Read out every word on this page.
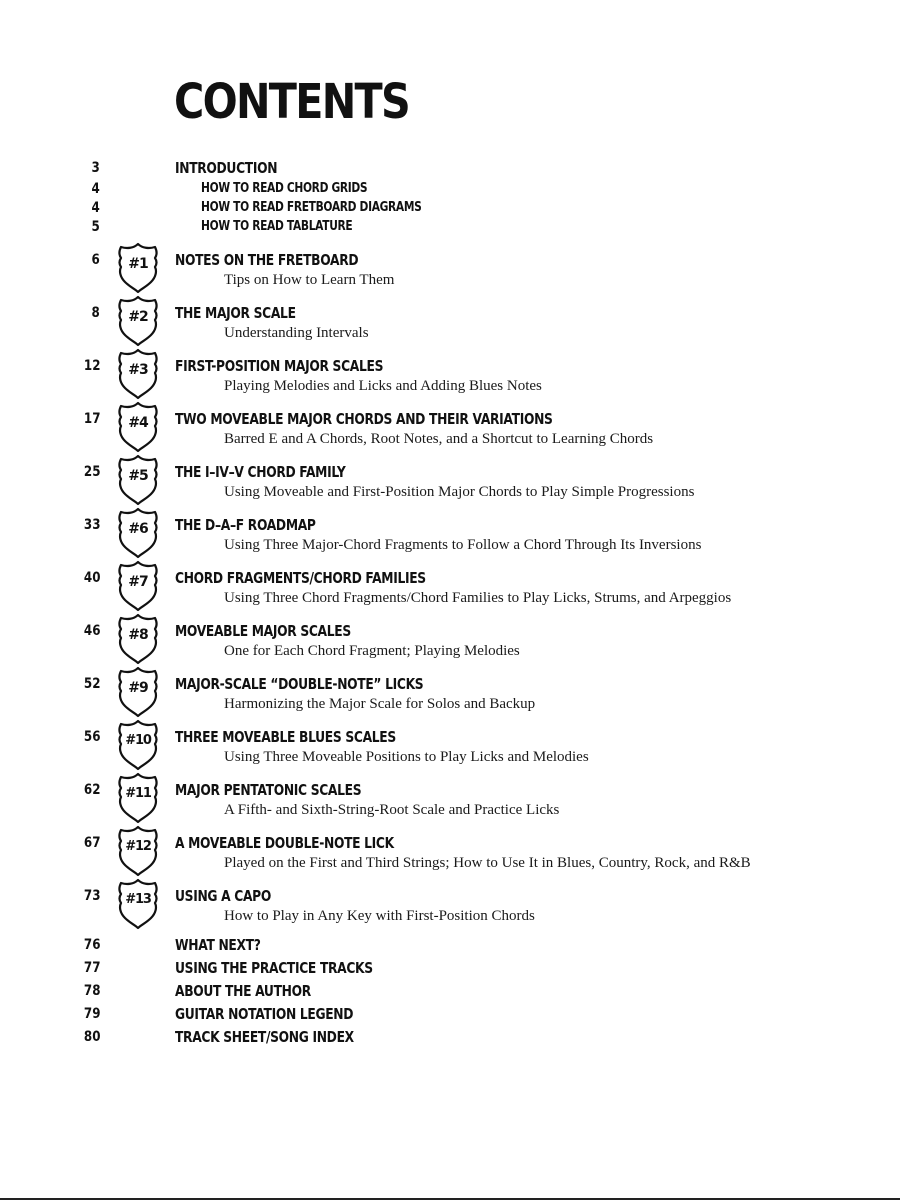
CONTENTS
3	INTRODUCTION
4	HOW TO READ CHORD GRIDS
4	HOW TO READ FRETBOARD DIAGRAMS
5	HOW TO READ TABLATURE
6	#1	NOTES ON THE FRETBOARD
Tips on How to Learn Them
8	#2	THE MAJOR SCALE
Understanding Intervals
12	#3	FIRST-POSITION MAJOR SCALES
Playing Melodies and Licks and Adding Blues Notes
17	#4	TWO MOVEABLE MAJOR CHORDS AND THEIR VARIATIONS
Barred E and A Chords, Root Notes, and a Shortcut to Learning Chords
25	#5	THE I–IV–V CHORD FAMILY
Using Moveable and First-Position Major Chords to Play Simple Progressions
33	#6	THE D–A–F ROADMAP
Using Three Major-Chord Fragments to Follow a Chord Through Its Inversions
40	#7	CHORD FRAGMENTS/CHORD FAMILIES
Using Three Chord Fragments/Chord Families to Play Licks, Strums, and Arpeggios
46	#8	MOVEABLE MAJOR SCALES
One for Each Chord Fragment; Playing Melodies
52	#9	MAJOR-SCALE “DOUBLE-NOTE” LICKS
Harmonizing the Major Scale for Solos and Backup
56	#10	THREE MOVEABLE BLUES SCALES
Using Three Moveable Positions to Play Licks and Melodies
62	#11	MAJOR PENTATONIC SCALES
A Fifth- and Sixth-String-Root Scale and Practice Licks
67	#12	A MOVEABLE DOUBLE-NOTE LICK
Played on the First and Third Strings; How to Use It in Blues, Country, Rock, and R&B
73	#13	USING A CAPO
How to Play in Any Key with First-Position Chords
76	WHAT NEXT?
77	USING THE PRACTICE TRACKS
78	ABOUT THE AUTHOR
79	GUITAR NOTATION LEGEND
80	TRACK SHEET/SONG INDEX
